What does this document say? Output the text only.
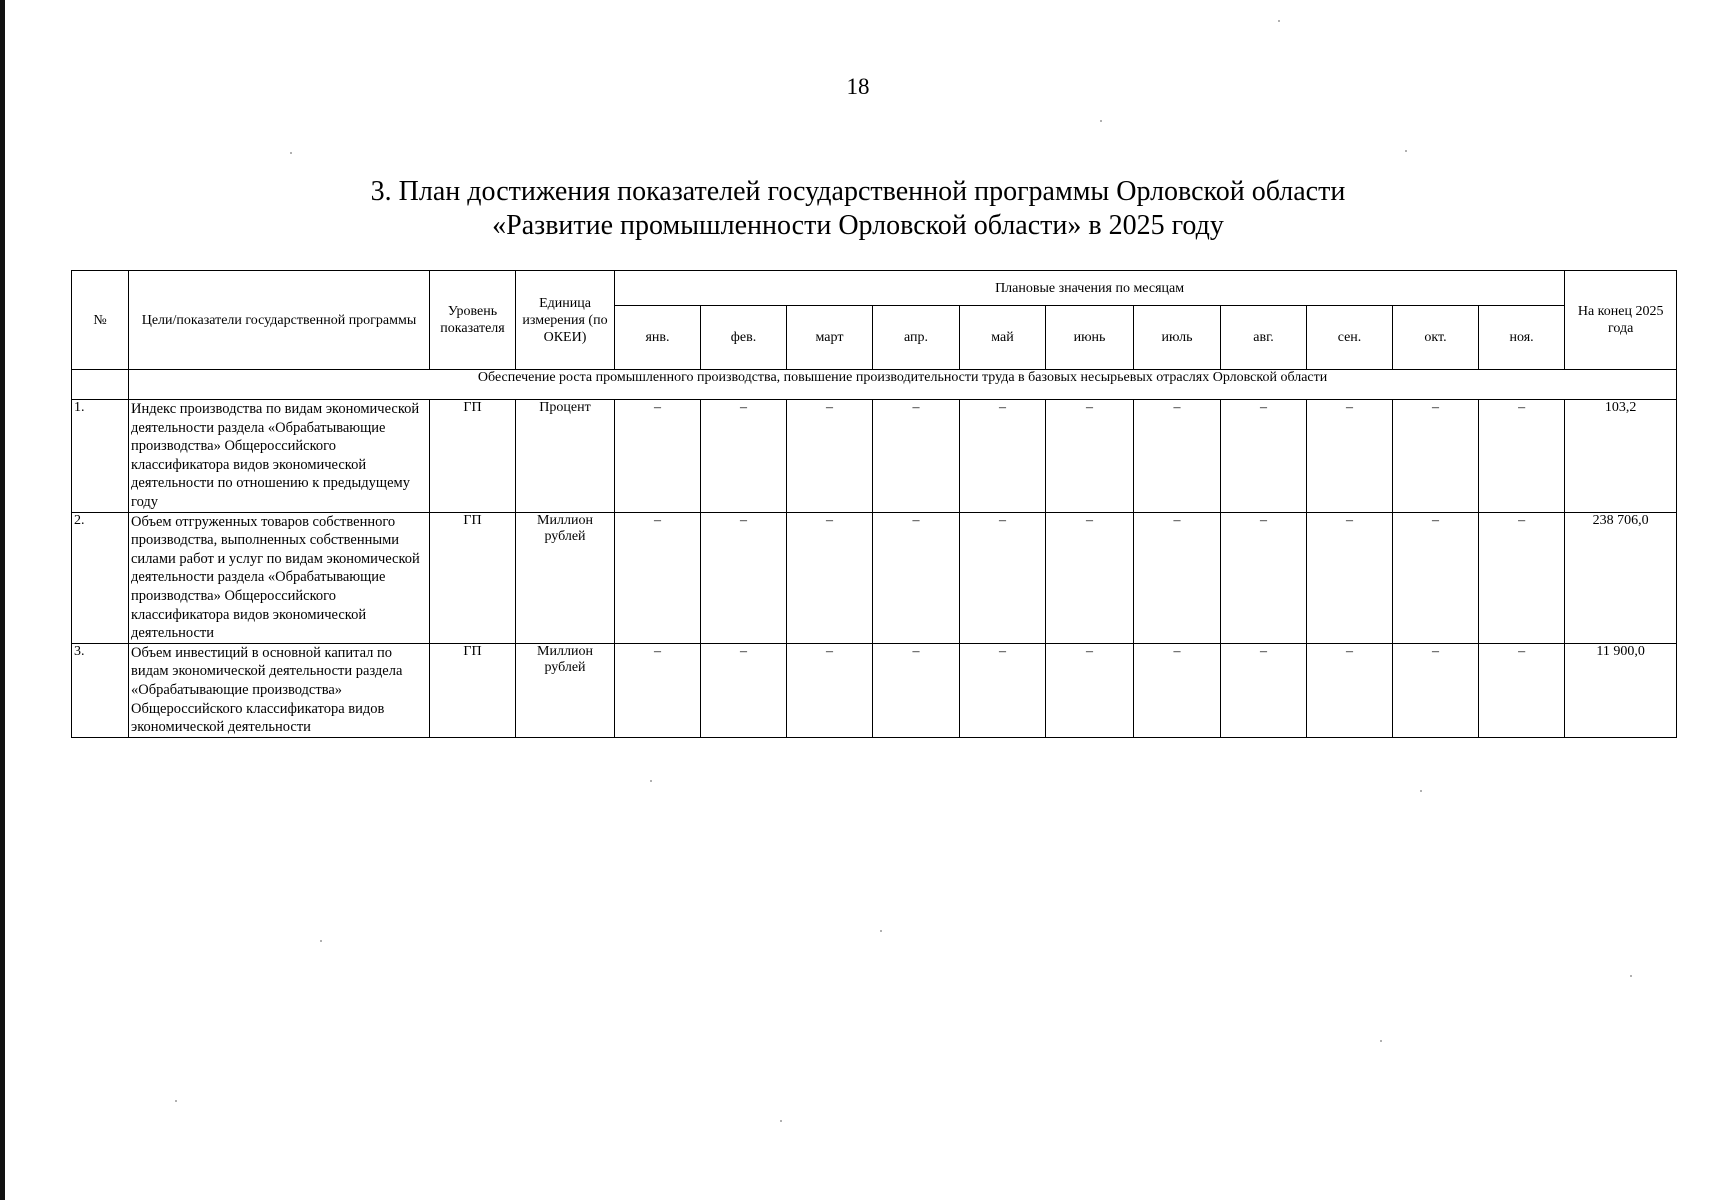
18
3. План достижения показателей государственной программы Орловской области
«Развитие промышленности Орловской области» в 2025 году
№	Цели/показатели государственной программы	Уровень показателя	Единица измерения (по ОКЕИ)	Плановые значения по месяцам											На конец 2025 года
				янв.	фев.	март	апр.	май	июнь	июль	авг.	сен.	окт.	ноя.	
	Обеспечение роста промышленного производства, повышение производительности труда в базовых несырьевых отраслях Орловской области														
1.	Индекс производства по видам экономической деятельности раздела «Обрабатывающие производства» Общероссийского классификатора видов экономической деятельности по отношению к предыдущему году	ГП	Процент	–	–	–	–	–	–	–	–	–	–	–	103,2
2.	Объем отгруженных товаров собственного производства, выполненных собственными силами работ и услуг по видам экономической деятельности раздела «Обрабатывающие производства» Общероссийского классификатора видов экономической деятельности	ГП	Миллион рублей	–	–	–	–	–	–	–	–	–	–	–	238 706,0
3.	Объем инвестиций в основной капитал по видам экономической деятельности раздела «Обрабатывающие производства» Общероссийского классификатора видов экономической деятельности	ГП	Миллион рублей	–	–	–	–	–	–	–	–	–	–	–	11 900,0
